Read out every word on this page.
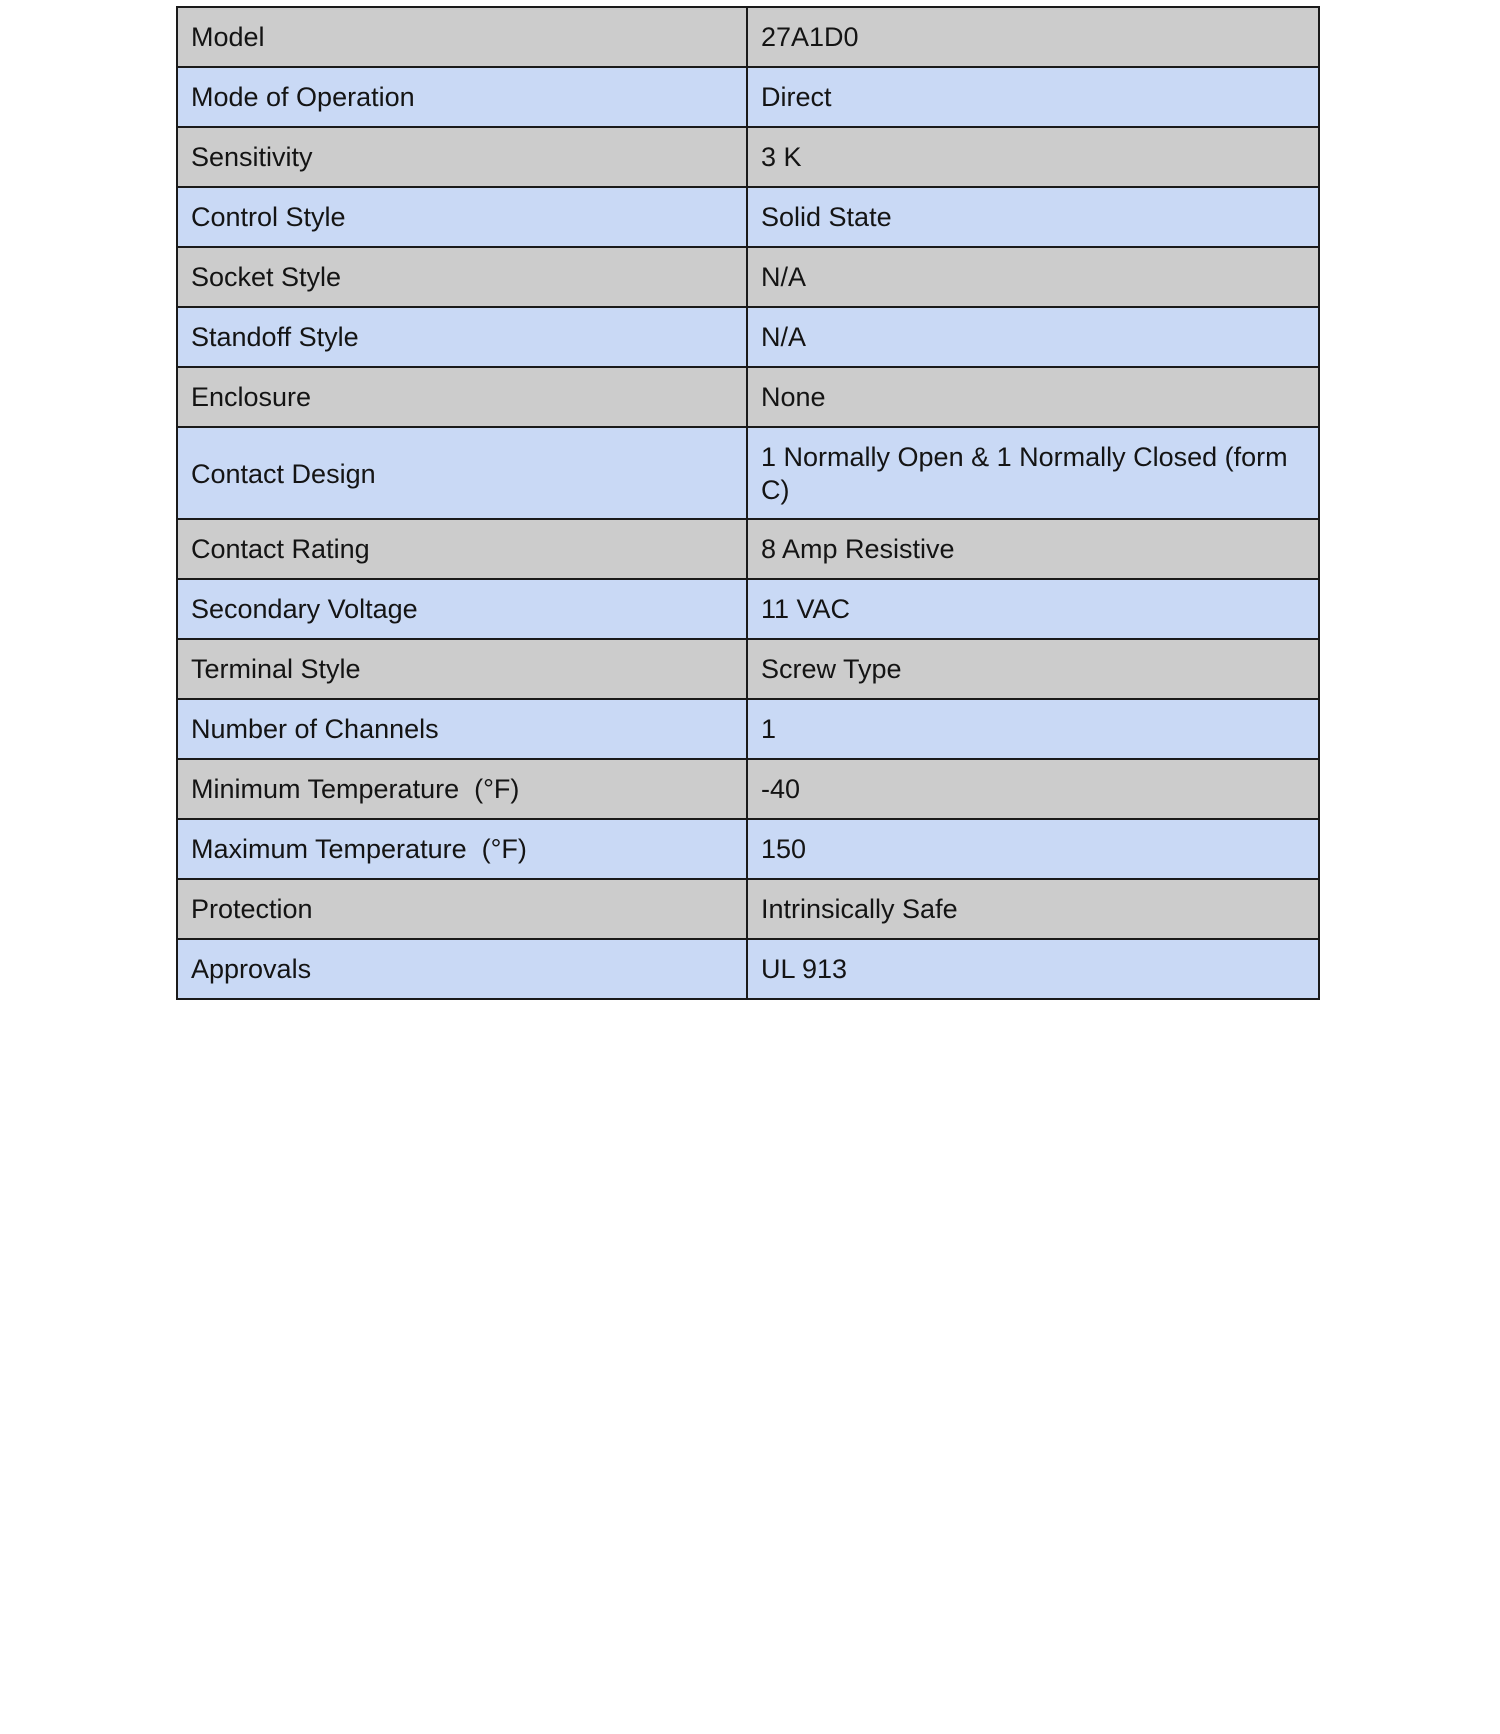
Model	27A1D0
Mode of Operation	Direct
Sensitivity	3 K
Control Style	Solid State
Socket Style	N/A
Standoff Style	N/A
Enclosure	None
Contact Design	1 Normally Open & 1 Normally Closed (form C)
Contact Rating	8 Amp Resistive
Secondary Voltage	11 VAC
Terminal Style	Screw Type
Number of Channels	1
Minimum Temperature  (°F)	-40
Maximum Temperature  (°F)	150
Protection	Intrinsically Safe
Approvals	UL 913
